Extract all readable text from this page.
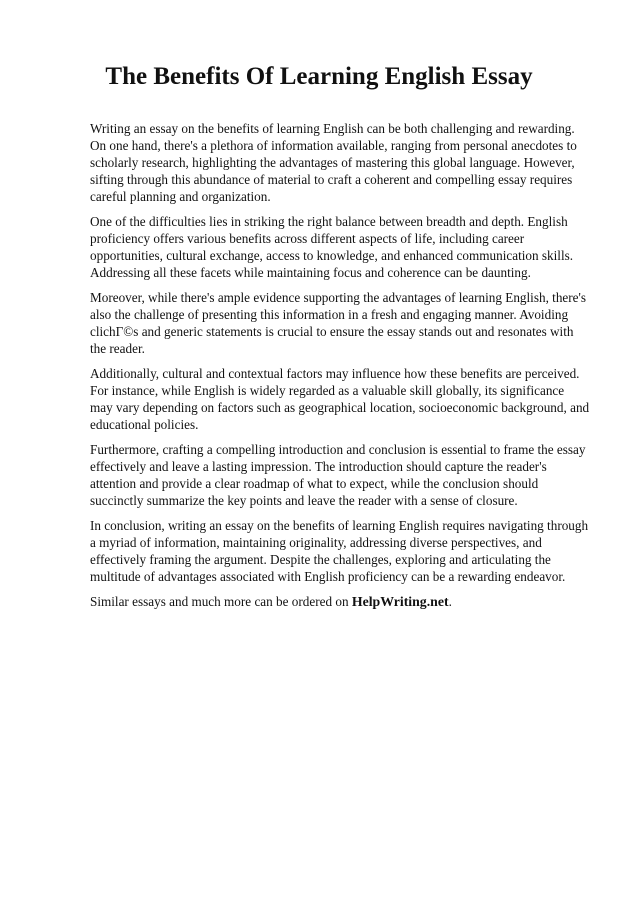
The Benefits Of Learning English Essay

Writing an essay on the benefits of learning English can be both challenging and rewarding. On one hand, there's a plethora of information available, ranging from personal anecdotes to scholarly research, highlighting the advantages of mastering this global language. However, sifting through this abundance of material to craft a coherent and compelling essay requires careful planning and organization.

One of the difficulties lies in striking the right balance between breadth and depth. English proficiency offers various benefits across different aspects of life, including career opportunities, cultural exchange, access to knowledge, and enhanced communication skills. Addressing all these facets while maintaining focus and coherence can be daunting.

Moreover, while there's ample evidence supporting the advantages of learning English, there's also the challenge of presenting this information in a fresh and engaging manner. Avoiding clichГ©s and generic statements is crucial to ensure the essay stands out and resonates with the reader.

Additionally, cultural and contextual factors may influence how these benefits are perceived. For instance, while English is widely regarded as a valuable skill globally, its significance may vary depending on factors such as geographical location, socioeconomic background, and educational policies.

Furthermore, crafting a compelling introduction and conclusion is essential to frame the essay effectively and leave a lasting impression. The introduction should capture the reader's attention and provide a clear roadmap of what to expect, while the conclusion should succinctly summarize the key points and leave the reader with a sense of closure.

In conclusion, writing an essay on the benefits of learning English requires navigating through a myriad of information, maintaining originality, addressing diverse perspectives, and effectively framing the argument. Despite the challenges, exploring and articulating the multitude of advantages associated with English proficiency can be a rewarding endeavor.

Similar essays and much more can be ordered on HelpWriting.net.
